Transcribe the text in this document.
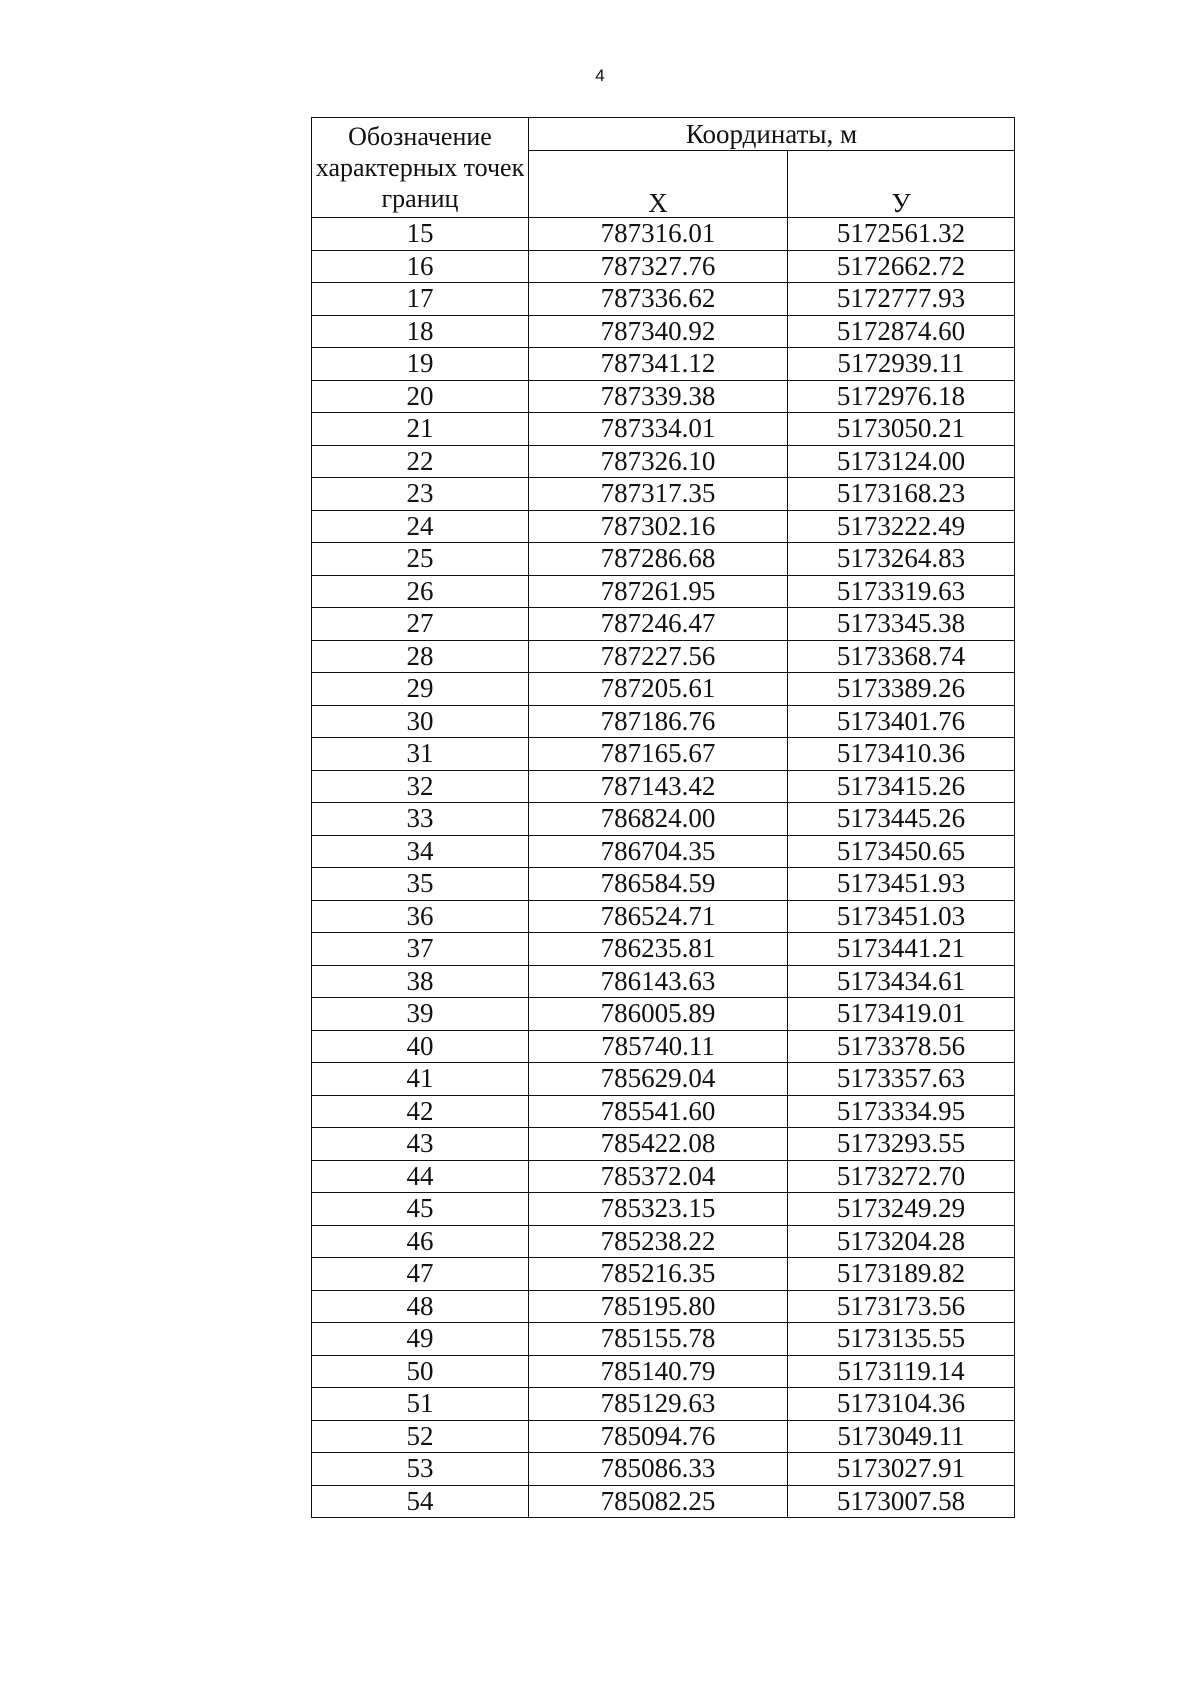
4
Обозначение характерных точек границ	Координаты, м	
	Х	У
15	787316.01	5172561.32
16	787327.76	5172662.72
17	787336.62	5172777.93
18	787340.92	5172874.60
19	787341.12	5172939.11
20	787339.38	5172976.18
21	787334.01	5173050.21
22	787326.10	5173124.00
23	787317.35	5173168.23
24	787302.16	5173222.49
25	787286.68	5173264.83
26	787261.95	5173319.63
27	787246.47	5173345.38
28	787227.56	5173368.74
29	787205.61	5173389.26
30	787186.76	5173401.76
31	787165.67	5173410.36
32	787143.42	5173415.26
33	786824.00	5173445.26
34	786704.35	5173450.65
35	786584.59	5173451.93
36	786524.71	5173451.03
37	786235.81	5173441.21
38	786143.63	5173434.61
39	786005.89	5173419.01
40	785740.11	5173378.56
41	785629.04	5173357.63
42	785541.60	5173334.95
43	785422.08	5173293.55
44	785372.04	5173272.70
45	785323.15	5173249.29
46	785238.22	5173204.28
47	785216.35	5173189.82
48	785195.80	5173173.56
49	785155.78	5173135.55
50	785140.79	5173119.14
51	785129.63	5173104.36
52	785094.76	5173049.11
53	785086.33	5173027.91
54	785082.25	5173007.58
